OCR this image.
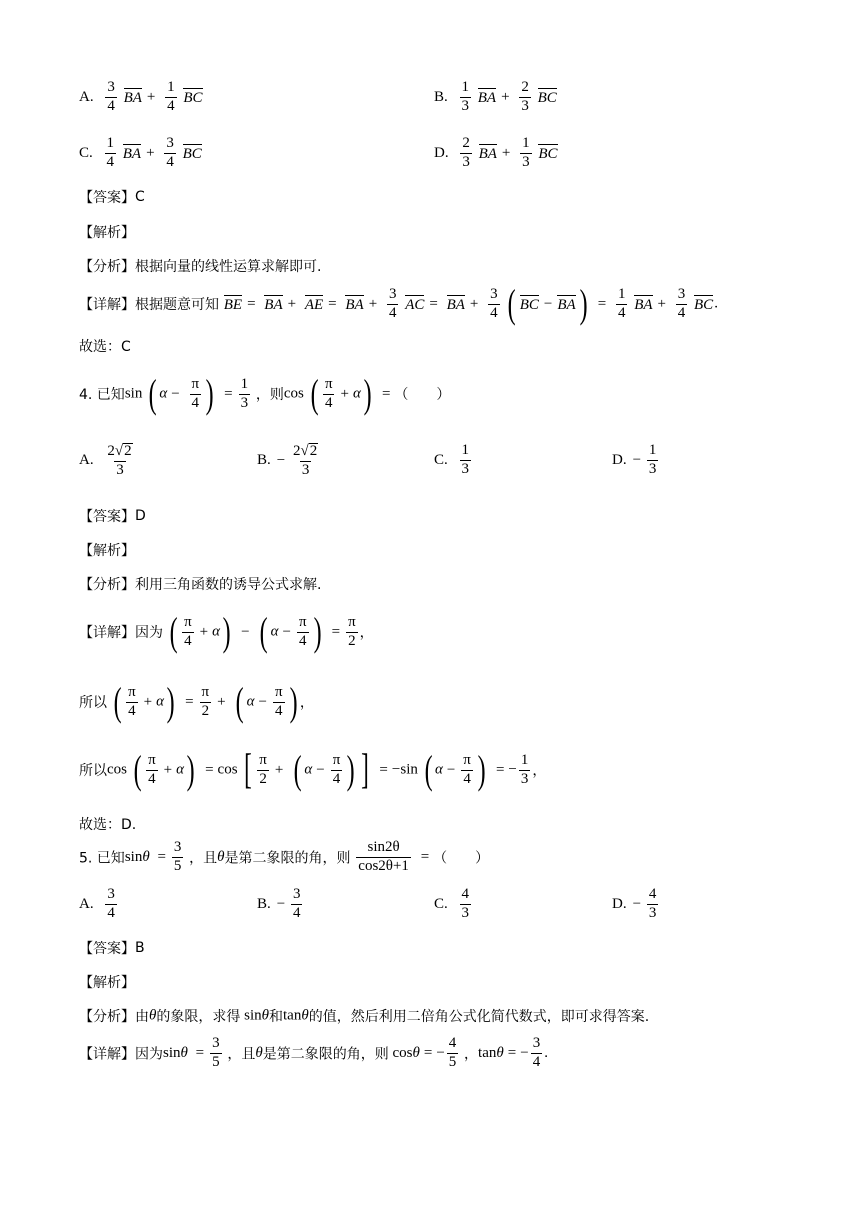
A. $\frac{3}{4}$ BA + $\frac{1}{4}$ BC	B. $\frac{1}{3}$ BA + $\frac{2}{3}$ BC
C. $\frac{1}{4}$ BA + $\frac{3}{4}$ BC	D. $\frac{2}{3}$ BA + $\frac{1}{3}$ BC
【答案】C
【解析】
【分析】根据向量的线性运算求解即可.
【详解】根据题意可知 BE = BA + AE = BA + $\frac{3}{4}$ AC = BA + $\frac{3}{4}$ ( BC − $BA) = \frac{1}{4}$ BA + $\frac{3}{4}$ BC.
故选：C
4. 已知sin ( $\alpha - \frac{\pi}{4}$ ) = $\frac{1}{3}$ ，则cos ( $\frac{\pi}{4} + \alpha$) = （　　）
A. $\frac{2√2}{3}$	B. − $\frac{2√2}{3}$	C. $\frac{1}{3}$	D. − $\frac{1}{3}$
【答案】D
【解析】
【分析】利用三角函数的诱导公式求解.
【详解】因为 ( $\frac{\pi}{4} + \alpha$) − ( $\alpha - \frac{\pi}{4}$ ) = $\frac{\pi}{2}$ ，
所以 ( $\frac{\pi}{4} + \alpha) = \frac{\pi}{2}$ + ( $\alpha - \frac{\pi}{4}$ ) ，
所以cos ( $\frac{\pi}{4} + \alpha) = \cos$ [ $\frac{\pi}{2}$ + ( $\alpha - \frac{\pi}{4}$ ) ] = −sin ( $\alpha - \frac{\pi}{4}$ ) = − $\frac{1}{3}$ ，
故选：D.
5. 已知$\sin\theta = \frac{3}{5}$ ，且θ是第二象限的角，则 $\frac{\sin 2\theta}{\cos 2\theta+1}$ = （　　）
A. $\frac{3}{4}$	B. − $\frac{3}{4}$	C. $\frac{4}{3}$	D. − $\frac{4}{3}$
【答案】B
【解析】
【分析】由θ的象限，求得 sinθ和tanθ的值，然后利用二倍角公式化简代数式，即可求得答案.
【详解】因为$\sin\theta = \frac{3}{5}$ ，且θ是第二象限的角，则 cosθ = − $\frac{4}{5}$ ，tanθ = − $\frac{3}{4}$ .
